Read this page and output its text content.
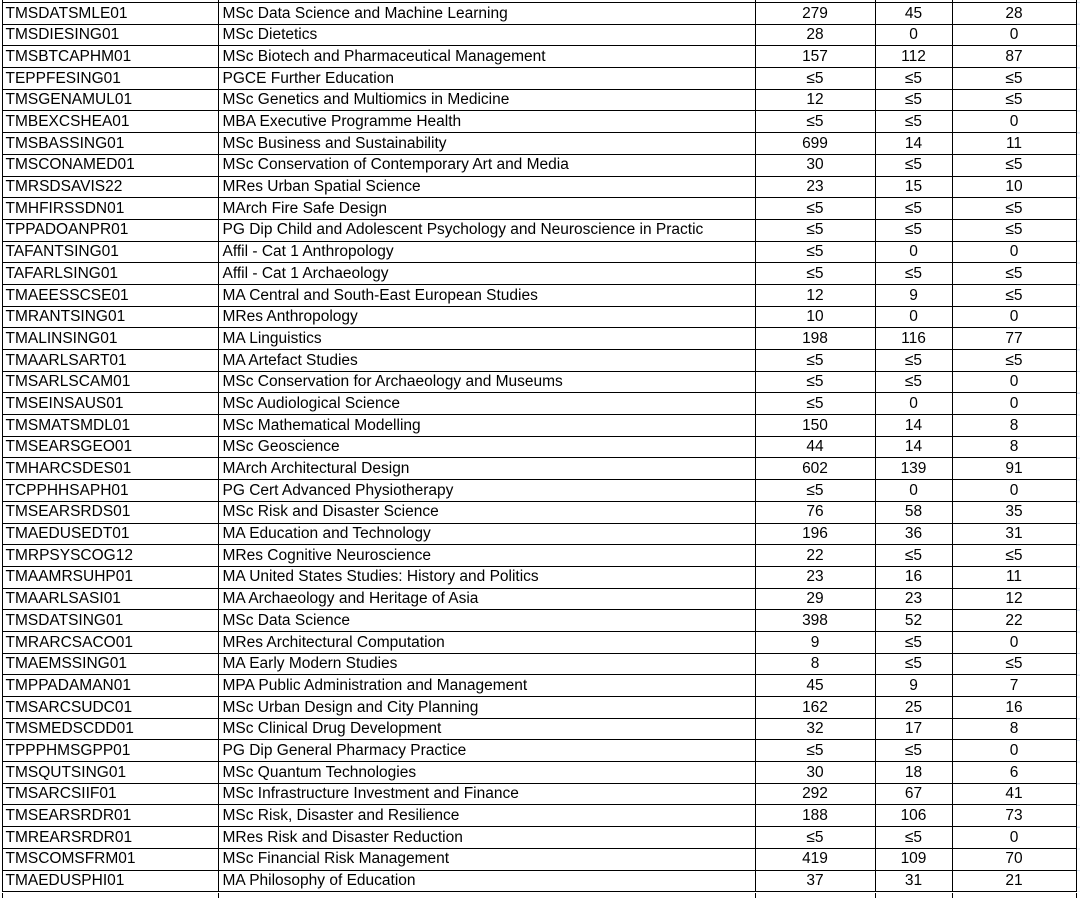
TMSDATSMLE01	MSc Data Science and Machine Learning	279	45	28
TMSDIESING01	MSc Dietetics	28	0	0
TMSBTCAPHM01	MSc Biotech and Pharmaceutical Management	157	112	87
TEPPFESING01	PGCE Further Education	≤5	≤5	≤5
TMSGENAMUL01	MSc Genetics and Multiomics in Medicine	12	≤5	≤5
TMBEXCSHEA01	MBA Executive Programme Health	≤5	≤5	0
TMSBASSING01	MSc Business and Sustainability	699	14	11
TMSCONAMED01	MSc Conservation of Contemporary Art and Media	30	≤5	≤5
TMRSDSAVIS22	MRes Urban Spatial Science	23	15	10
TMHFIRSSDN01	MArch Fire Safe Design	≤5	≤5	≤5
TPPADOANPR01	PG Dip Child and Adolescent Psychology and Neuroscience in Practic	≤5	≤5	≤5
TAFANTSING01	Affil - Cat 1 Anthropology	≤5	0	0
TAFARLSING01	Affil - Cat 1 Archaeology	≤5	≤5	≤5
TMAEESSCSE01	MA Central and South-East European Studies	12	9	≤5
TMRANTSING01	MRes Anthropology	10	0	0
TMALINSING01	MA Linguistics	198	116	77
TMAARLSART01	MA Artefact Studies	≤5	≤5	≤5
TMSARLSCAM01	MSc Conservation for Archaeology and Museums	≤5	≤5	0
TMSEINSAUS01	MSc Audiological Science	≤5	0	0
TMSMATSMDL01	MSc Mathematical Modelling	150	14	8
TMSEARSGEO01	MSc Geoscience	44	14	8
TMHARCSDES01	MArch Architectural Design	602	139	91
TCPPHHSAPH01	PG Cert Advanced Physiotherapy	≤5	0	0
TMSEARSRDS01	MSc Risk and Disaster Science	76	58	35
TMAEDUSEDT01	MA Education and Technology	196	36	31
TMRPSYSCOG12	MRes Cognitive Neuroscience	22	≤5	≤5
TMAAMRSUHP01	MA United States Studies: History and Politics	23	16	11
TMAARLSASI01	MA Archaeology and Heritage of Asia	29	23	12
TMSDATSING01	MSc Data Science	398	52	22
TMRARCSACO01	MRes Architectural Computation	9	≤5	0
TMAEMSSING01	MA Early Modern Studies	8	≤5	≤5
TMPPADAMAN01	MPA Public Administration and Management	45	9	7
TMSARCSUDC01	MSc Urban Design and City Planning	162	25	16
TMSMEDSCDD01	MSc Clinical Drug Development	32	17	8
TPPPHMSGPP01	PG Dip General Pharmacy Practice	≤5	≤5	0
TMSQUTSING01	MSc Quantum Technologies	30	18	6
TMSARCSIIF01	MSc Infrastructure Investment and Finance	292	67	41
TMSEARSRDR01	MSc Risk, Disaster and Resilience	188	106	73
TMREARSRDR01	MRes Risk and Disaster Reduction	≤5	≤5	0
TMSCOMSFRM01	MSc Financial Risk Management	419	109	70
TMAEDUSPHI01	MA Philosophy of Education	37	31	21
